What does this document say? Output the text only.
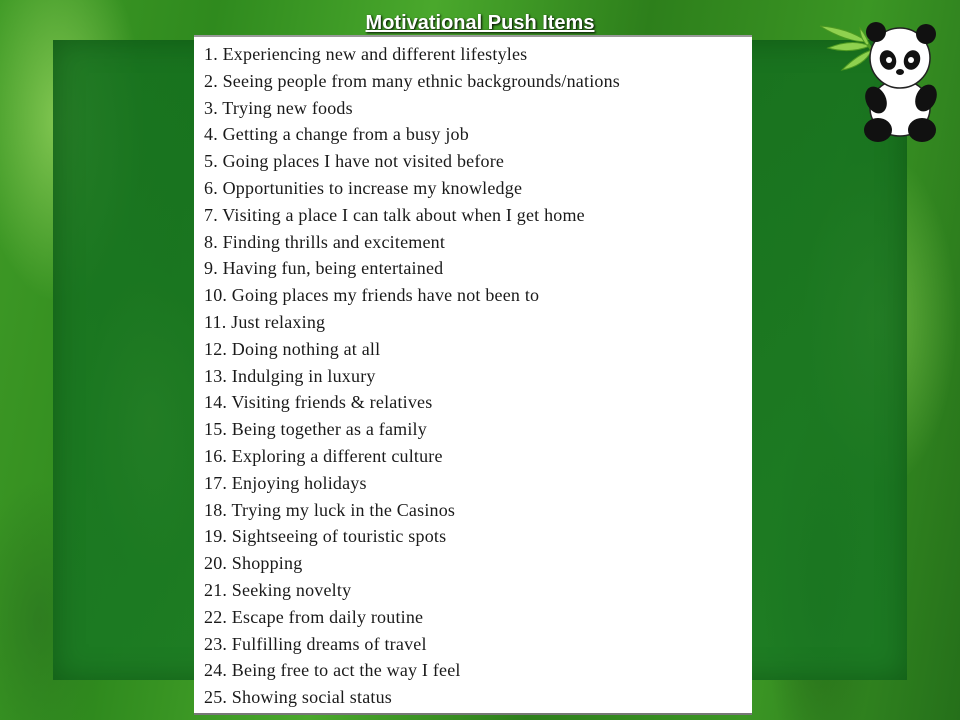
Motivational Push Items
1. Experiencing new and different lifestyles
2. Seeing people from many ethnic backgrounds/nations
3. Trying new foods
4. Getting a change from a busy job
5. Going places I have not visited before
6. Opportunities to increase my knowledge
7. Visiting a place I can talk about when I get home
8. Finding thrills and excitement
9. Having fun, being entertained
10. Going places my friends have not been to
11. Just relaxing
12. Doing nothing at all
13. Indulging in luxury
14. Visiting friends & relatives
15. Being together as a family
16. Exploring a different culture
17. Enjoying holidays
18. Trying my luck in the Casinos
19. Sightseeing of touristic spots
20. Shopping
21. Seeking novelty
22. Escape from daily routine
23. Fulfilling dreams of travel
24. Being free to act the way I feel
25. Showing social status
